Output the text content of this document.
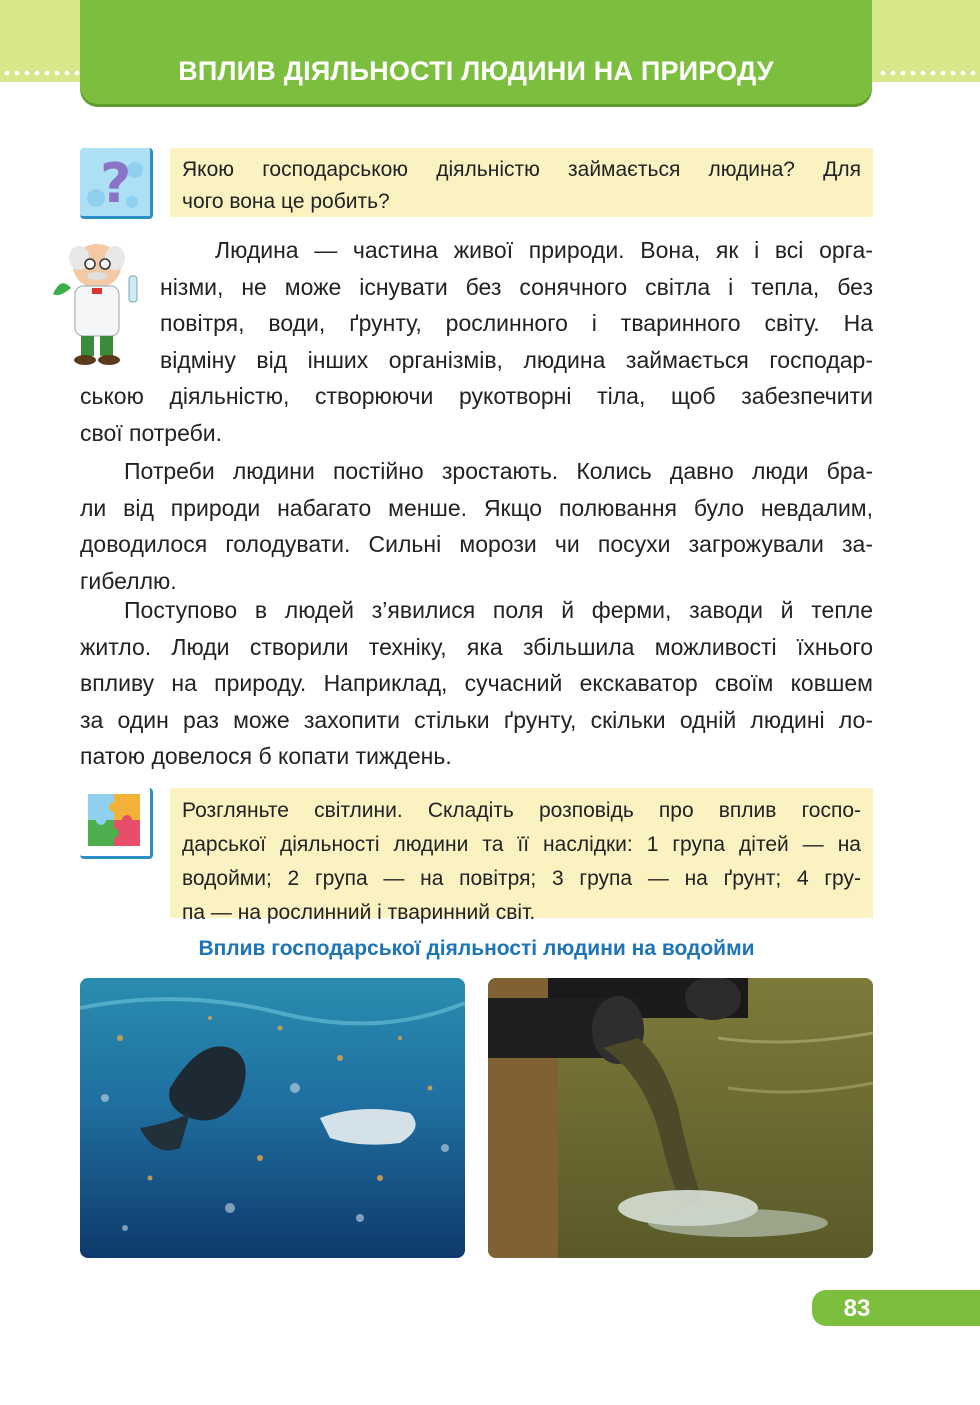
ВПЛИВ ДІЯЛЬНОСТІ ЛЮДИНИ НА ПРИРОДУ
? Якою господарською діяльністю займається людина? Для
чого вона це робить?
Людина — частина живої природи. Вона, як і всі орга-
нізми, не може існувати без сонячного світла і тепла, без
повітря, води, ґрунту, рослинного і тваринного світу. На
відміну від інших організмів, людина займається господар-
ською діяльністю, створюючи рукотворні тіла, щоб забезпечити
свої потреби.
Потреби людини постійно зростають. Колись давно люди бра-
ли від природи набагато менше. Якщо полювання було невдалим,
доводилося голодувати. Сильні морози чи посухи загрожували за-
гибеллю.
Поступово в людей з’явилися поля й ферми, заводи й тепле
житло. Люди створили техніку, яка збільшила можливості їхнього
впливу на природу. Наприклад, сучасний екскаватор своїм ковшем
за один раз може захопити стільки ґрунту, скільки одній людині ло-
патою довелося б копати тиждень.
Розгляньте світлини. Складіть розповідь про вплив госпо-
дарської діяльності людини та її наслідки: 1 група дітей — на
водойми; 2 група — на повітря; 3 група — на ґрунт; 4 гру-
па — на рослинний і тваринний світ.
Вплив господарської діяльності людини на водойми
83
